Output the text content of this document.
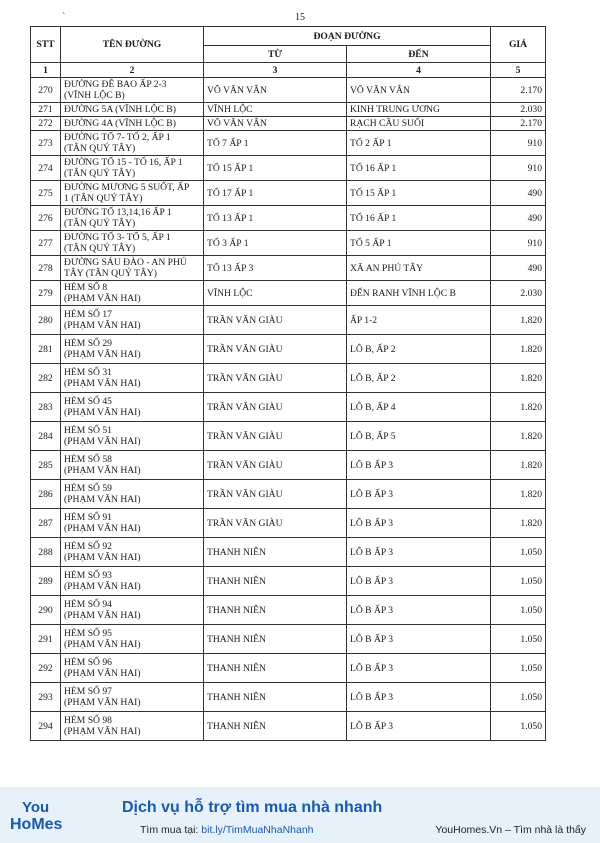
`	15
STT	TÊN ĐƯỜNG	ĐOẠN ĐƯỜNG		GIÁ
		TỪ	ĐẾN	
1	2	3	4	5
270	ĐƯỜNG ĐÊ BAO ẤP 2-3
(VĨNH LỘC B)	VÕ VĂN VÂN	VÕ VĂN VÂN	2.170
271	ĐƯỜNG 5A (VĨNH LỘC B)	VĨNH LỘC	KINH TRUNG ƯƠNG	2.030
272	ĐƯỜNG 4A (VĨNH LỘC B)	VÕ VĂN VÂN	RẠCH CẦU SUỐI	2.170
273	ĐƯỜNG TỔ 7- TỔ 2, ẤP 1
(TÂN QUÝ TÂY)	TỔ 7 ẤP 1	TỔ 2 ẤP 1	910
274	ĐƯỜNG TỔ 15 - TỔ 16, ẤP 1
(TÂN QUÝ TÂY)	TỔ 15 ẤP 1	TỔ 16 ẤP 1	910
275	ĐƯỜNG MƯƠNG 5 SUỐT, ẤP
1 (TÂN QUÝ TÂY)	TỔ 17 ẤP 1	TỔ 15 ẤP 1	490
276	ĐƯỜNG TỔ 13,14,16 ẤP 1
(TÂN QUÝ TÂY)	TỔ 13 ẤP 1	TỔ 16 ẤP 1	490
277	ĐƯỜNG TỔ 3- TỔ 5, ẤP 1
(TÂN QUÝ TÂY)	TỔ 3 ẤP 1	TỔ 5 ẤP 1	910
278	ĐƯỜNG SÁU ĐÀO - AN PHÚ
TÂY (TÂN QUÝ TÂY)	TỔ 13 ẤP 3	XÃ AN PHÚ TÂY	490
279	HẺM SỐ 8
(PHẠM VĂN HAI)	VĨNH LỘC	ĐẾN RANH VĨNH LỘC B	2.030
280	HẺM SỐ 17
(PHẠM VĂN HAI)	TRẦN VĂN GIÀU	ẤP 1-2	1.820
281	HẺM SỐ 29
(PHẠM VĂN HAI)	TRẦN VĂN GIÀU	LÔ B, ẤP 2	1.820
282	HẺM SỐ 31
(PHẠM VĂN HAI)	TRẦN VĂN GIÀU	LÔ B, ẤP 2	1.820
283	HẺM SỐ 45
(PHẠM VĂN HAI)	TRẦN VĂN GIÀU	LÔ B, ẤP 4	1.820
284	HẺM SỐ 51
(PHẠM VĂN HAI)	TRẦN VĂN GIÀU	LÔ B, ẤP 5	1.820
285	HẺM SỐ 58
(PHẠM VĂN HAI)	TRẦN VĂN GIÀU	LÔ B ẤP 3	1.820
286	HẺM SỐ 59
(PHẠM VĂN HAI)	TRẦN VĂN GIÀU	LÔ B ẤP 3	1.820
287	HẺM SỐ 91
(PHẠM VĂN HAI)	TRẦN VĂN GIÀU	LÔ B ẤP 3	1.820
288	HẺM SỐ 92
(PHẠM VĂN HAI)	THANH NIÊN	LÔ B ẤP 3	1.050
289	HẺM SỐ 93
(PHẠM VĂN HAI)	THANH NIÊN	LÔ B ẤP 3	1.050
290	HẺM SỐ 94
(PHẠM VĂN HAI)	THANH NIÊN	LÔ B ẤP 3	1.050
291	HẺM SỐ 95
(PHẠM VĂN HAI)	THANH NIÊN	LÔ B ẤP 3	1.050
292	HẺM SỐ 96
(PHẠM VĂN HAI)	THANH NIÊN	LÔ B ẤP 3	1.050
293	HẺM SỐ 97
(PHẠM VĂN HAI)	THANH NIÊN	LÔ B ẤP 3	1.050
294	HẺM SỐ 98
(PHẠM VĂN HAI)	THANH NIÊN	LÔ B ẤP 3	1.050
You
HoMes
Dịch vụ hỗ trợ tìm mua nhà nhanh
Tìm mua tại: bit.ly/TimMuaNhaNhanh	YouHomes.Vn – Tìm nhà là thấy
